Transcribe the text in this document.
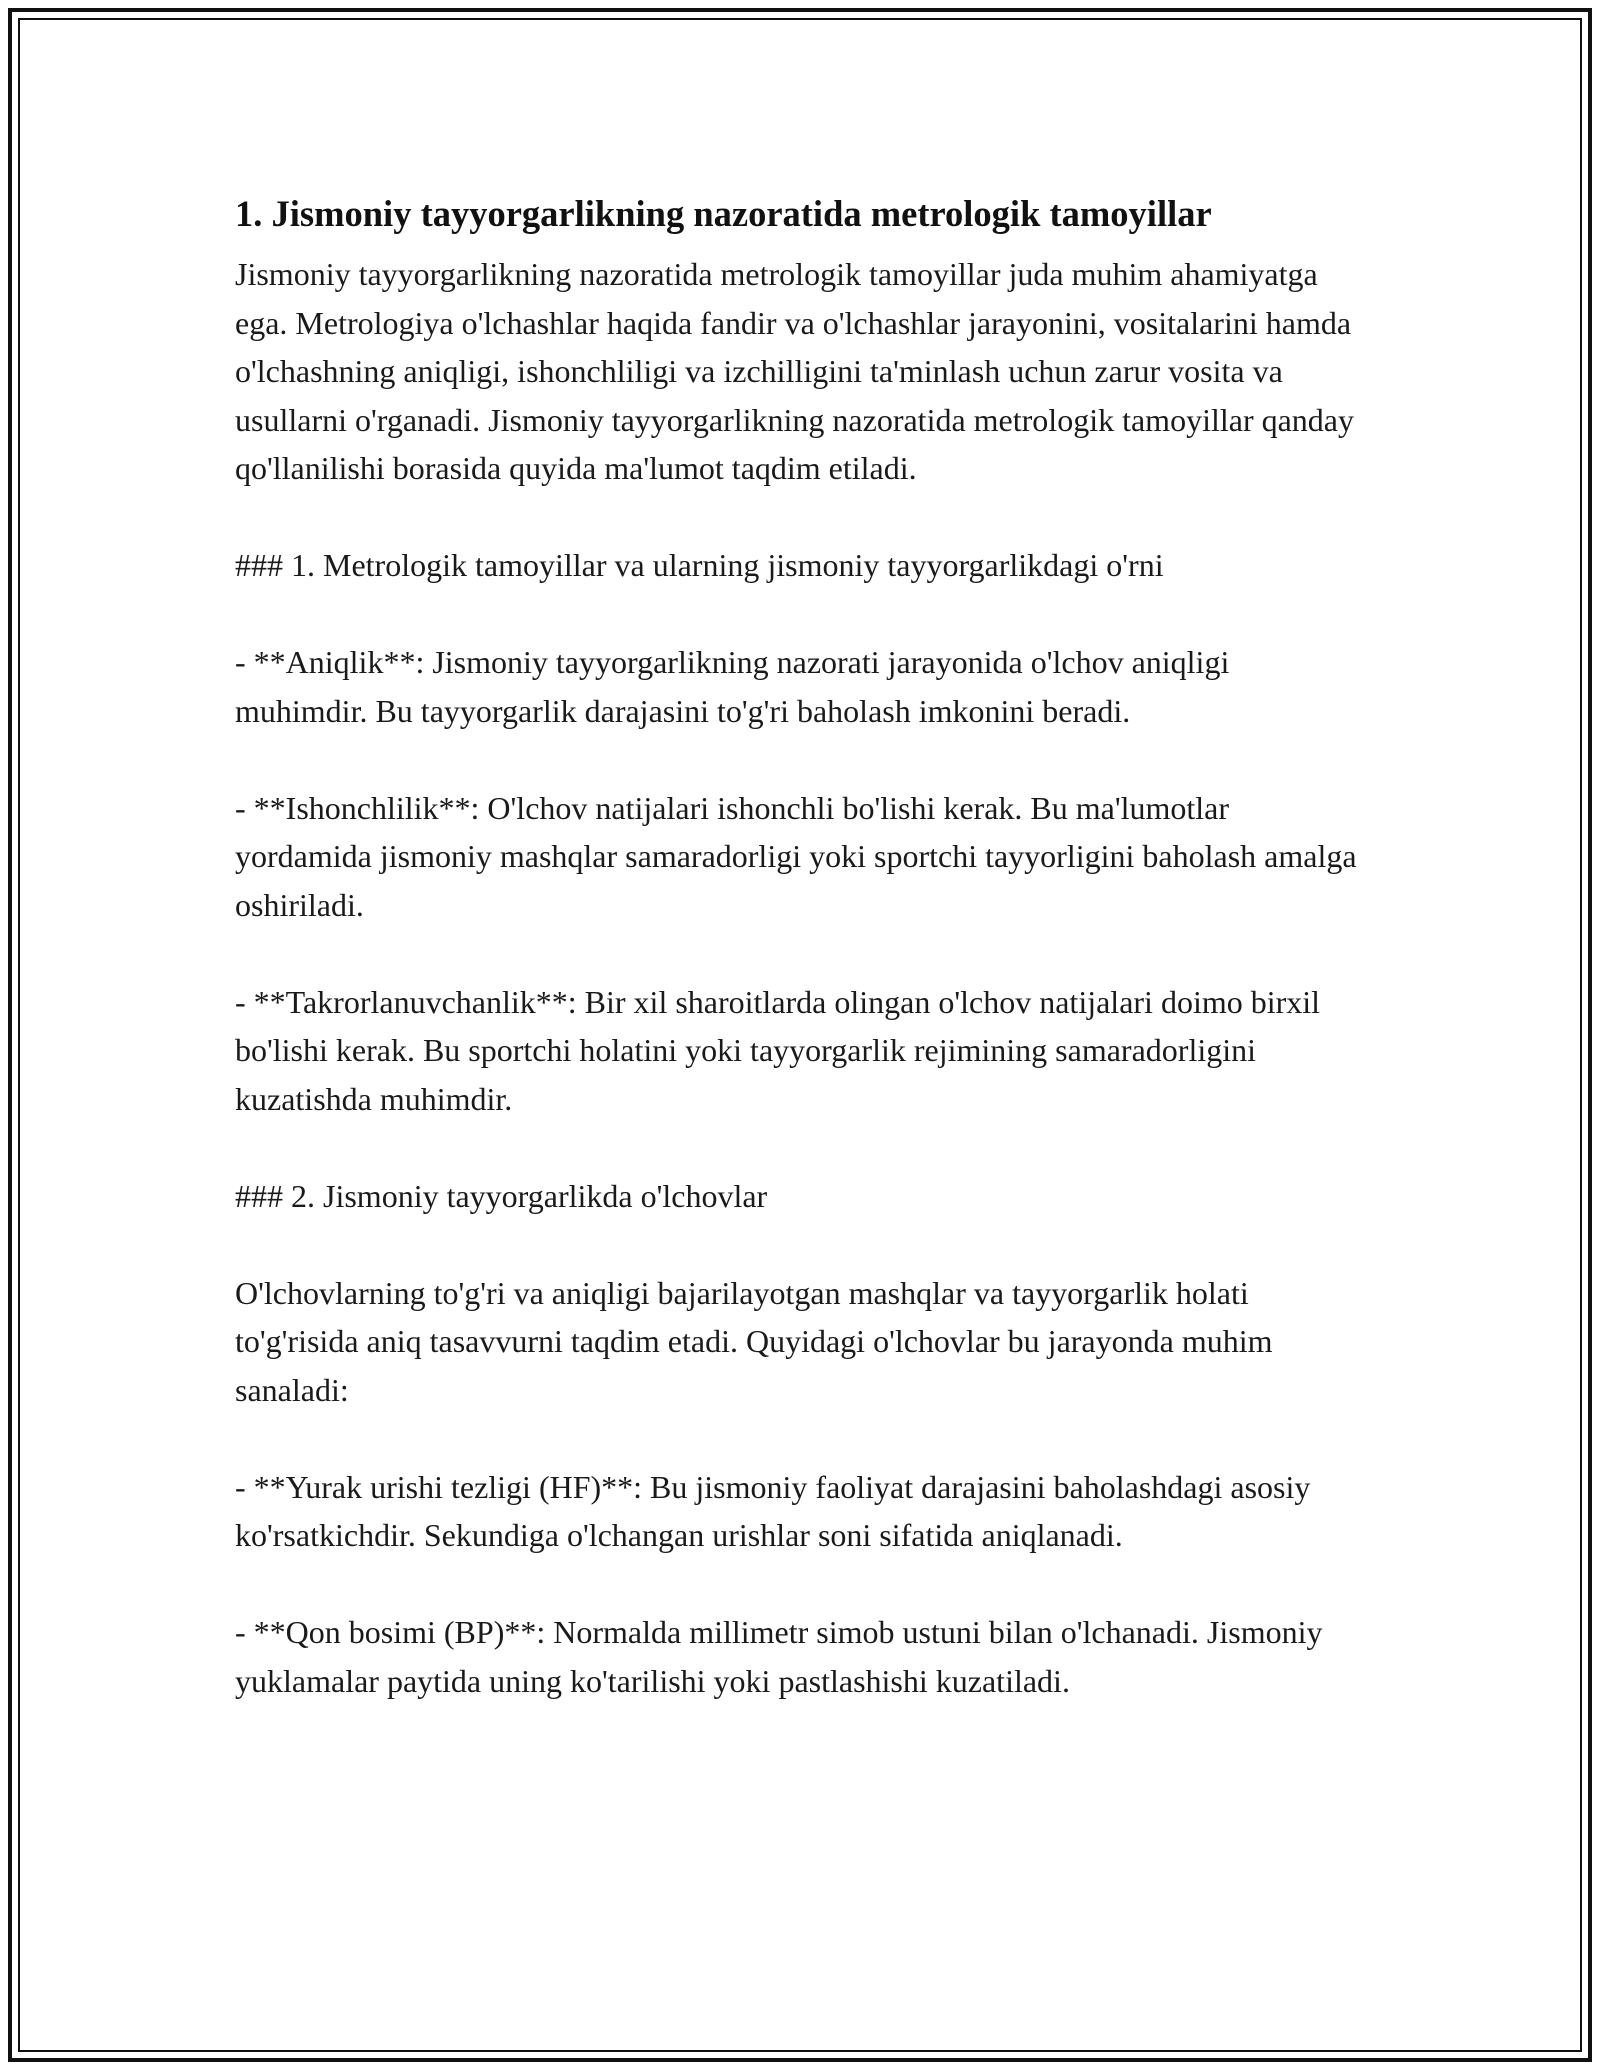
1. Jismoniy tayyorgarlikning nazoratida metrologik tamoyillar

Jismoniy tayyorgarlikning nazoratida metrologik tamoyillar juda muhim ahamiyatga ega. Metrologiya o'lchashlar haqida fandir va o'lchashlar jarayonini, vositalarini hamda o'lchashning aniqligi, ishonchliligi va izchilligini ta'minlash uchun zarur vosita va usullarni o'rganadi. Jismoniy tayyorgarlikning nazoratida metrologik tamoyillar qanday qo'llanilishi borasida quyida ma'lumot taqdim etiladi.

### 1. Metrologik tamoyillar va ularning jismoniy tayyorgarlikdagi o'rni

- **Aniqlik**: Jismoniy tayyorgarlikning nazorati jarayonida o'lchov aniqligi muhimdir. Bu tayyorgarlik darajasini to'g'ri baholash imkonini beradi.

- **Ishonchlilik**: O'lchov natijalari ishonchli bo'lishi kerak. Bu ma'lumotlar yordamida jismoniy mashqlar samaradorligi yoki sportchi tayyorligini baholash amalga oshiriladi.

- **Takrorlanuvchanlik**: Bir xil sharoitlarda olingan o'lchov natijalari doimo birxil bo'lishi kerak. Bu sportchi holatini yoki tayyorgarlik rejimining samaradorligini kuzatishda muhimdir.

### 2. Jismoniy tayyorgarlikda o'lchovlar

O'lchovlarning to'g'ri va aniqligi bajarilayotgan mashqlar va tayyorgarlik holati to'g'risida aniq tasavvurni taqdim etadi. Quyidagi o'lchovlar bu jarayonda muhim sanaladi:

- **Yurak urishi tezligi (HF)**: Bu jismoniy faoliyat darajasini baholashdagi asosiy ko'rsatkichdir. Sekundiga o'lchangan urishlar soni sifatida aniqlanadi.

- **Qon bosimi (BP)**: Normalda millimetr simob ustuni bilan o'lchanadi. Jismoniy yuklamalar paytida uning ko'tarilishi yoki pastlashishi kuzatiladi.
